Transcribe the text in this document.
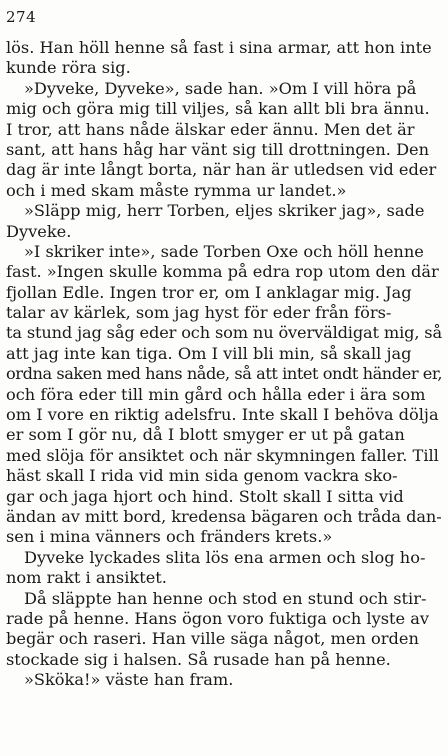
274
lös. Han höll henne så fast i sina armar, att hon inte
kunde röra sig.
»Dyveke, Dyveke», sade han. »Om I vill höra på
mig och göra mig till viljes, så kan allt bli bra ännu.
I tror, att hans nåde älskar eder ännu. Men det är
sant, att hans håg har vänt sig till drottningen. Den
dag är inte långt borta, när han är utledsen vid eder
och i med skam måste rymma ur landet.»
»Släpp mig, herr Torben, eljes skriker jag», sade
Dyveke.
»I skriker inte», sade Torben Oxe och höll henne
fast. »Ingen skulle komma på edra rop utom den där
fjollan Edle. Ingen tror er, om I anklagar mig. Jag
talar av kärlek, som jag hyst för eder från förs-
ta stund jag såg eder och som nu överväldigat mig, så
att jag inte kan tiga. Om I vill bli min, så skall jag
ordna saken med hans nåde, så att intet ondt händer er,
och föra eder till min gård och hålla eder i ära som
om I vore en riktig adelsfru. Inte skall I behöva dölja
er som I gör nu, då I blott smyger er ut på gatan
med slöja för ansiktet och när skymningen faller. Till
häst skall I rida vid min sida genom vackra sko-
gar och jaga hjort och hind. Stolt skall I sitta vid
ändan av mitt bord, kredensa bägaren och tråda dan-
sen i mina vänners och fränders krets.»
Dyveke lyckades slita lös ena armen och slog ho-
nom rakt i ansiktet.
Då släppte han henne och stod en stund och stir-
rade på henne. Hans ögon voro fuktiga och lyste av
begär och raseri. Han ville säga något, men orden
stockade sig i halsen. Så rusade han på henne.
»Sköka!» väste han fram.
